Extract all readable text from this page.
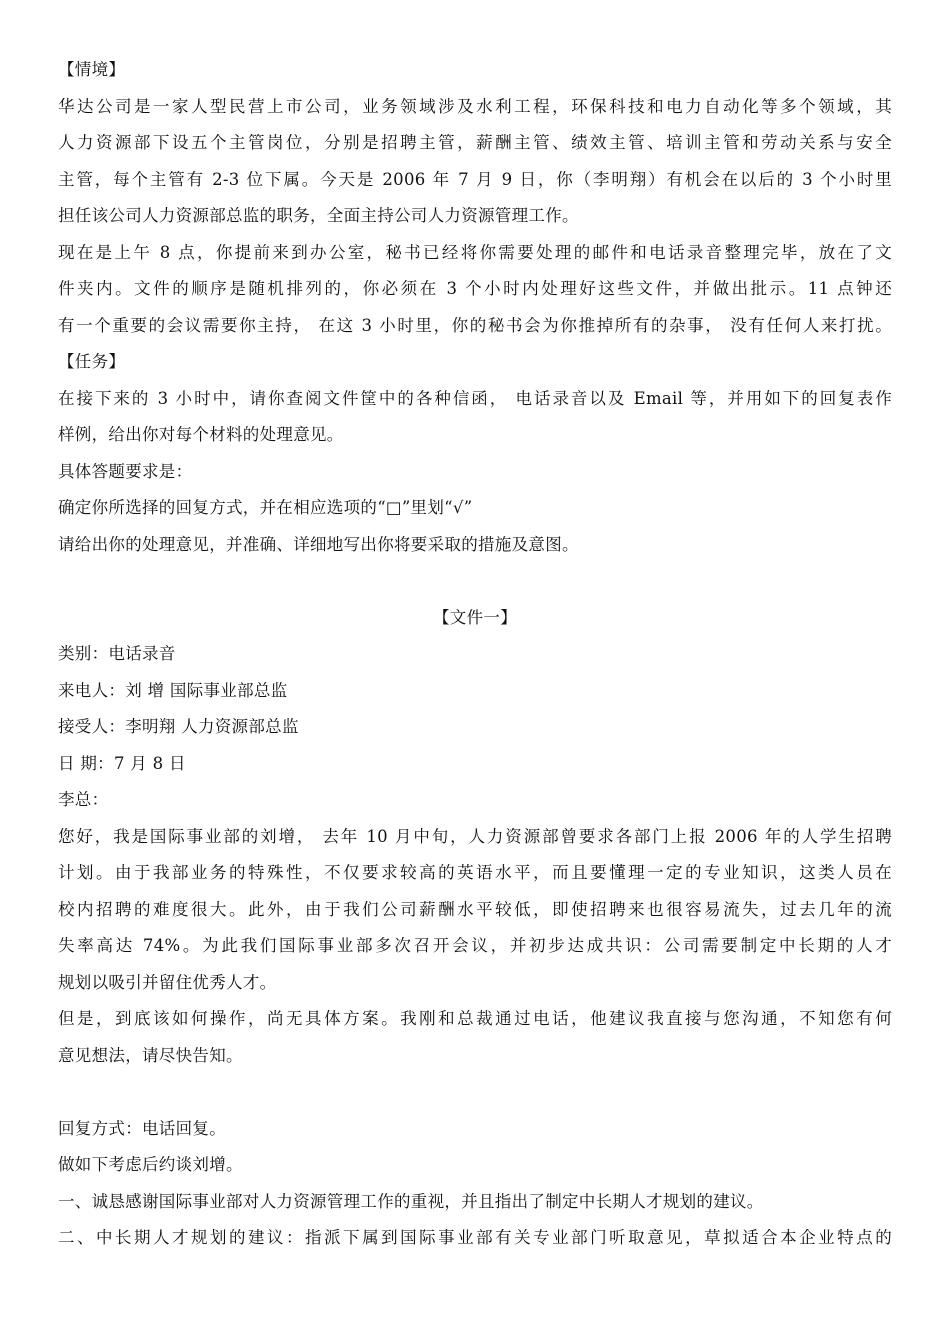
【情境】
华达公司是一家人型民营上市公司，业务领域涉及水利工程，环保科技和电力自动化等多个领域，其
人力资源部下设五个主管岗位，分别是招聘主管，薪酬主管、绩效主管、培训主管和劳动关系与安全
主管，每个主管有 2-3 位下属。今天是 2006 年 7 月 9 日，你（李明翔）有机会在以后的 3 个小时里
担任该公司人力资源部总监的职务，全面主持公司人力资源管理工作。
现在是上午 8 点，你提前来到办公室，秘书已经将你需要处理的邮件和电话录音整理完毕，放在了文
件夹内。文件的顺序是随机排列的，你必须在 3 个小时内处理好这些文件，并做出批示。11 点钟还
有一个重要的会议需要你主持， 在这 3 小时里，你的秘书会为你推掉所有的杂事， 没有任何人来打扰。
【任务】
在接下来的 3 小时中，请你查阅文件筐中的各种信函， 电话录音以及 Email 等，并用如下的回复表作
样例，给出你对每个材料的处理意见。
具体答题要求是：
确定你所选择的回复方式，并在相应选项的“□”里划“√”
请给出你的处理意见，并准确、详细地写出你将要采取的措施及意图。
【文件一】
类别：电话录音
来电人：刘 增 国际事业部总监
接受人：李明翔 人力资源部总监
日 期：7 月 8 日
李总：
您好，我是国际事业部的刘增， 去年 10 月中旬，人力资源部曾要求各部门上报 2006 年的人学生招聘
计划。由于我部业务的特殊性，不仅要求较高的英语水平，而且要懂理一定的专业知识，这类人员在
校内招聘的难度很大。此外，由于我们公司薪酬水平较低，即使招聘来也很容易流失，过去几年的流
失率高达 74%。为此我们国际事业部多次召开会议，并初步达成共识：公司需要制定中长期的人才
规划以吸引并留住优秀人才。
但是，到底该如何操作，尚无具体方案。我刚和总裁通过电话，他建议我直接与您沟通，不知您有何
意见想法，请尽快告知。
回复方式：电话回复。
做如下考虑后约谈刘增。
一、诚恳感谢国际事业部对人力资源管理工作的重视，并且指出了制定中长期人才规划的建议。
二、中长期人才规划的建议：指派下属到国际事业部有关专业部门听取意见，草拟适合本企业特点的
